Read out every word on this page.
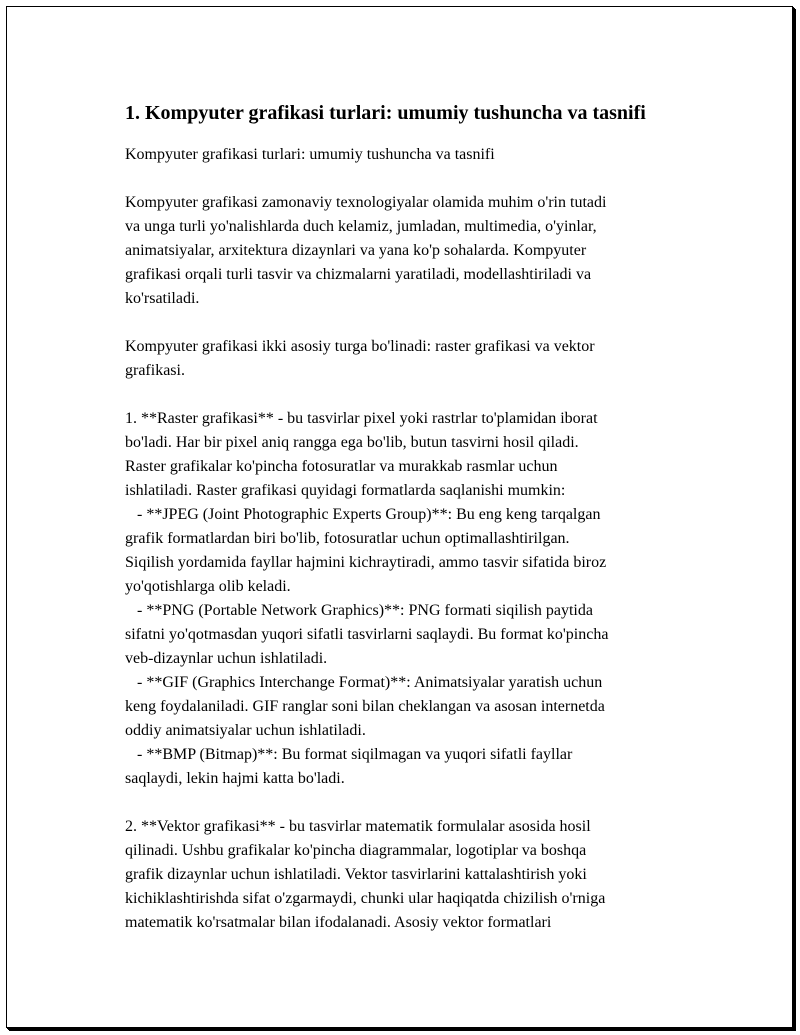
1. Kompyuter grafikasi turlari: umumiy tushuncha va tasnifi

Kompyuter grafikasi turlari: umumiy tushuncha va tasnifi

Kompyuter grafikasi zamonaviy texnologiyalar olamida muhim o'rin tutadi
va unga turli yo'nalishlarda duch kelamiz, jumladan, multimedia, o'yinlar,
animatsiyalar, arxitektura dizaynlari va yana ko'p sohalarda. Kompyuter
grafikasi orqali turli tasvir va chizmalarni yaratiladi, modellashtiriladi va
ko'rsatiladi.

Kompyuter grafikasi ikki asosiy turga bo'linadi: raster grafikasi va vektor
grafikasi.

1. **Raster grafikasi** - bu tasvirlar pixel yoki rastrlar to'plamidan iborat
bo'ladi. Har bir pixel aniq rangga ega bo'lib, butun tasvirni hosil qiladi.
Raster grafikalar ko'pincha fotosuratlar va murakkab rasmlar uchun
ishlatiladi. Raster grafikasi quyidagi formatlarda saqlanishi mumkin:
- **JPEG (Joint Photographic Experts Group)**: Bu eng keng tarqalgan
grafik formatlardan biri bo'lib, fotosuratlar uchun optimallashtirilgan.
Siqilish yordamida fayllar hajmini kichraytiradi, ammo tasvir sifatida biroz
yo'qotishlarga olib keladi.
- **PNG (Portable Network Graphics)**: PNG formati siqilish paytida
sifatni yo'qotmasdan yuqori sifatli tasvirlarni saqlaydi. Bu format ko'pincha
veb-dizaynlar uchun ishlatiladi.
- **GIF (Graphics Interchange Format)**: Animatsiyalar yaratish uchun
keng foydalaniladi. GIF ranglar soni bilan cheklangan va asosan internetda
oddiy animatsiyalar uchun ishlatiladi.
- **BMP (Bitmap)**: Bu format siqilmagan va yuqori sifatli fayllar
saqlaydi, lekin hajmi katta bo'ladi.

2. **Vektor grafikasi** - bu tasvirlar matematik formulalar asosida hosil
qilinadi. Ushbu grafikalar ko'pincha diagrammalar, logotiplar va boshqa
grafik dizaynlar uchun ishlatiladi. Vektor tasvirlarini kattalashtirish yoki
kichiklashtirishda sifat o'zgarmaydi, chunki ular haqiqatda chizilish o'rniga
matematik ko'rsatmalar bilan ifodalanadi. Asosiy vektor formatlari
